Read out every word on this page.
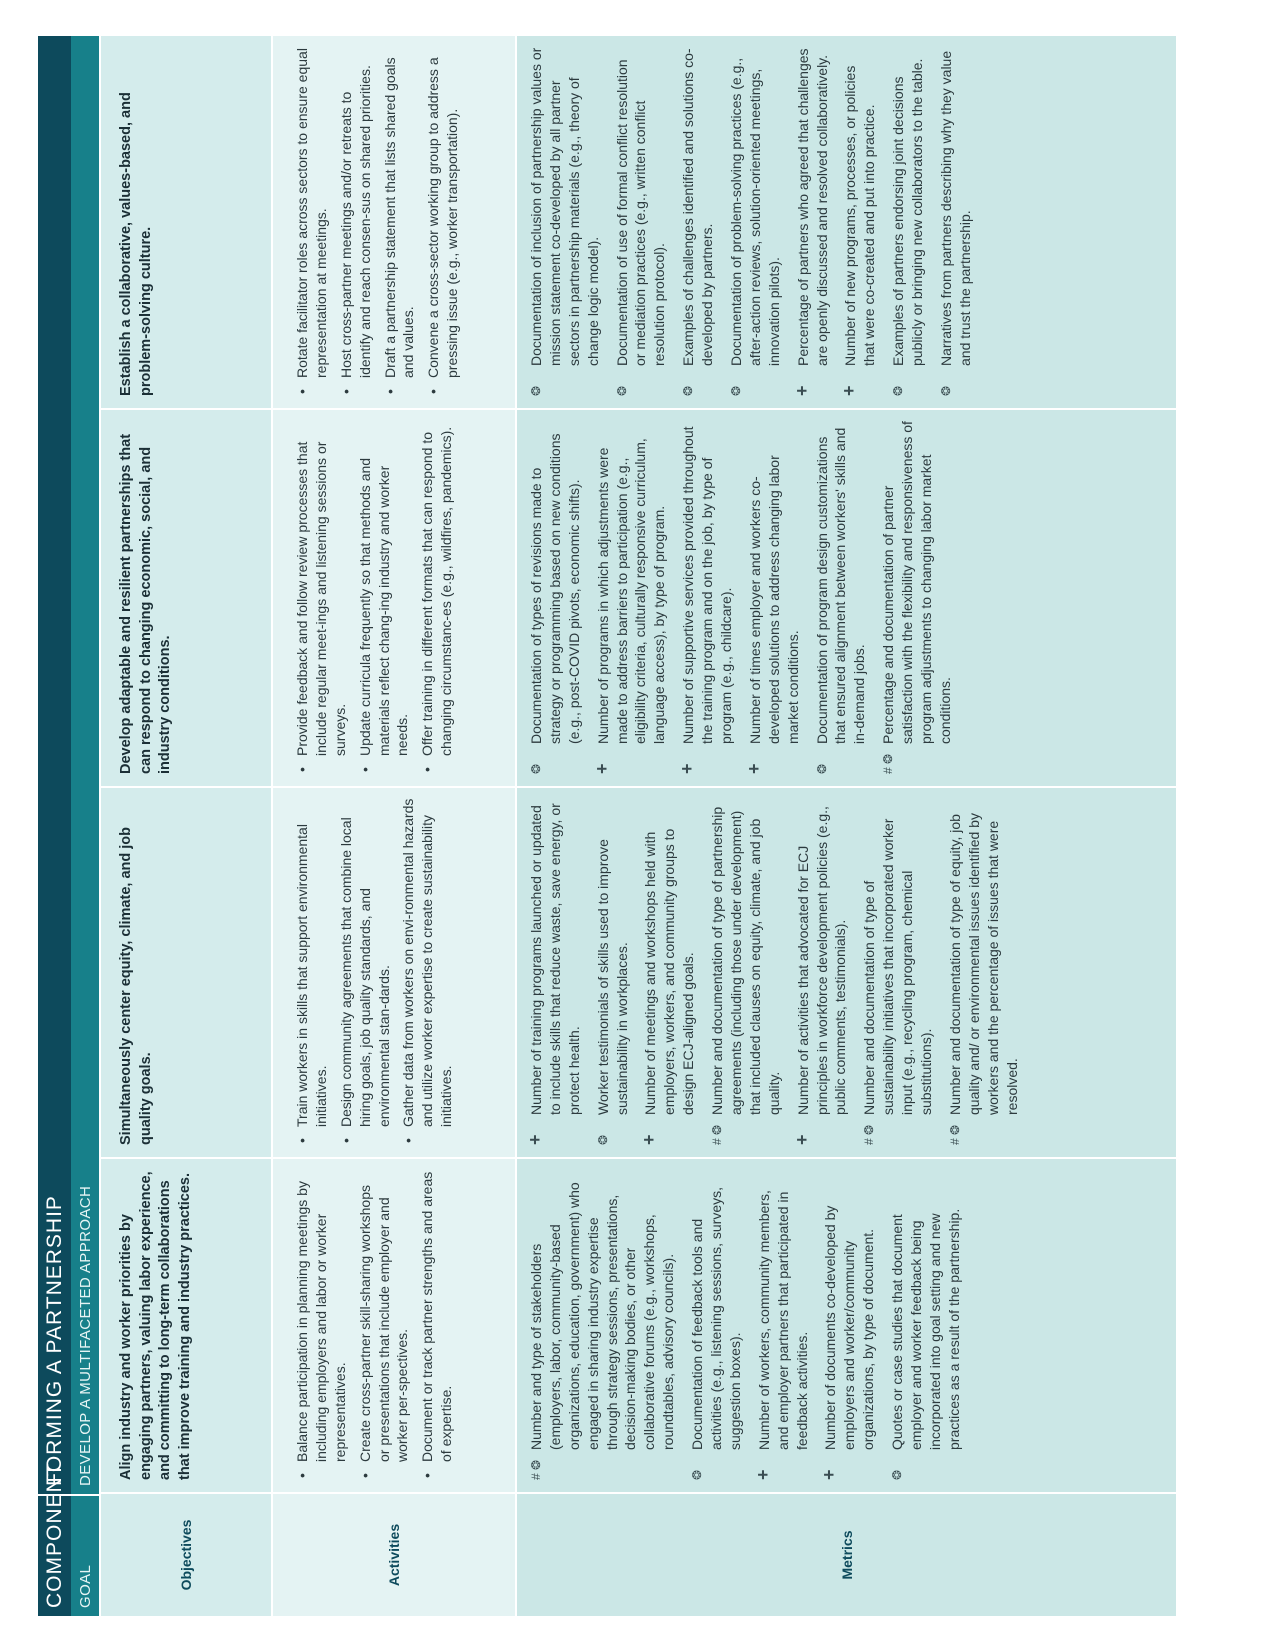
COMPONENT
FORMING A PARTNERSHIP
GOAL
DEVELOP A MULTIFACETED APPROACH
Objectives
Align industry and worker priorities by engaging partners, valuing labor experience, and committing to long-term collaborations that improve training and industry practices.
Simultaneously center equity, climate, and job quality goals.
Develop adaptable and resilient partnerships that can respond to changing economic, social, and industry conditions.
Establish a collaborative, values-based, and problem-solving culture.
Activities
• Balance participation in planning meetings by including employers and labor or worker representatives. • Create cross-partner skill-sharing workshops or presentations that include employer and worker per-spectives. • Document or track partner strengths and areas of expertise.
• Train workers in skills that support environmental initiatives. • Design community agreements that combine local hiring goals, job quality standards, and environmental stan-dards. • Gather data from workers on envi-ronmental hazards and utilize worker expertise to create sustainability initiatives.
• Provide feedback and follow review processes that include regular meet-ings and listening sessions or surveys. • Update curricula frequently so that methods and materials reflect chang-ing industry and worker needs. • Offer training in different formats that can respond to changing circumstanc-es (e.g., wildfires, pandemics).
• Rotate facilitator roles across sectors to ensure equal representation at meetings. • Host cross-partner meetings and/or retreats to identify and reach consen-sus on shared priorities. • Draft a partnership statement that lists shared goals and values. • Convene a cross-sector working group to address a pressing issue (e.g., worker transportation).
Metrics
# ❂
Number and type of stakeholders (employers, labor, community-based organizations, education, government) who engaged in sharing industry expertise through strategy sessions, presentations, decision-making bodies, or other collaborative forums (e.g., workshops, roundtables, advisory councils).
❂
Documentation of feedback tools and activities (e.g., listening sessions, surveys, suggestion boxes).
+
Number of workers, community members, and employer partners that participated in feedback activities.
+
Number of documents co-developed by employers and worker/community organizations, by type of document.
❂
Quotes or case studies that document employer and worker feedback being incorporated into goal setting and new practices as a result of the partnership.
+
Number of training programs launched or updated to include skills that reduce waste, save energy, or protect health.
❂
Worker testimonials of skills used to improve sustainability in workplaces.
+
Number of meetings and workshops held with employers, workers, and community groups to design ECJ-aligned goals.
# ❂
Number and documentation of type of partnership agreements (including those under development) that included clauses on equity, climate, and job quality.
+
Number of activities that advocated for ECJ principles in workforce development policies (e.g., public comments, testimonials).
# ❂
Number and documentation of type of sustainability initiatives that incorporated worker input (e.g., recycling program, chemical substitutions).
# ❂
Number and documentation of type of equity, job quality and/ or environmental issues identified by workers and the percentage of issues that were resolved.
❂
Documentation of types of revisions made to strategy or programming based on new conditions (e.g., post-COVID pivots, economic shifts).
+
Number of programs in which adjustments were made to address barriers to participation (e.g., eligibility criteria, culturally responsive curriculum, language access), by type of program.
+
Number of supportive services provided throughout the training program and on the job, by type of program (e.g., childcare).
+
Number of times employer and workers co-developed solutions to address changing labor market conditions.
❂
Documentation of program design customizations that ensured alignment between workers' skills and in-demand jobs.
# ❂
Percentage and documentation of partner satisfaction with the flexibility and responsiveness of program adjustments to changing labor market conditions.
❂
Documentation of inclusion of partnership values or mission statement co-developed by all partner sectors in partnership materials (e.g., theory of change logic model).
❂
Documentation of use of formal conflict resolution or mediation practices (e.g., written conflict resolution protocol).
❂
Examples of challenges identified and solutions co-developed by partners.
❂
Documentation of problem-solving practices (e.g., after-action reviews, solution-oriented meetings, innovation pilots).
+
Percentage of partners who agreed that challenges are openly discussed and resolved collaboratively.
+
Number of new programs, processes, or policies that were co-created and put into practice.
❂
Examples of partners endorsing joint decisions publicly or bringing new collaborators to the table.
❂
Narratives from partners describing why they value and trust the partnership.
